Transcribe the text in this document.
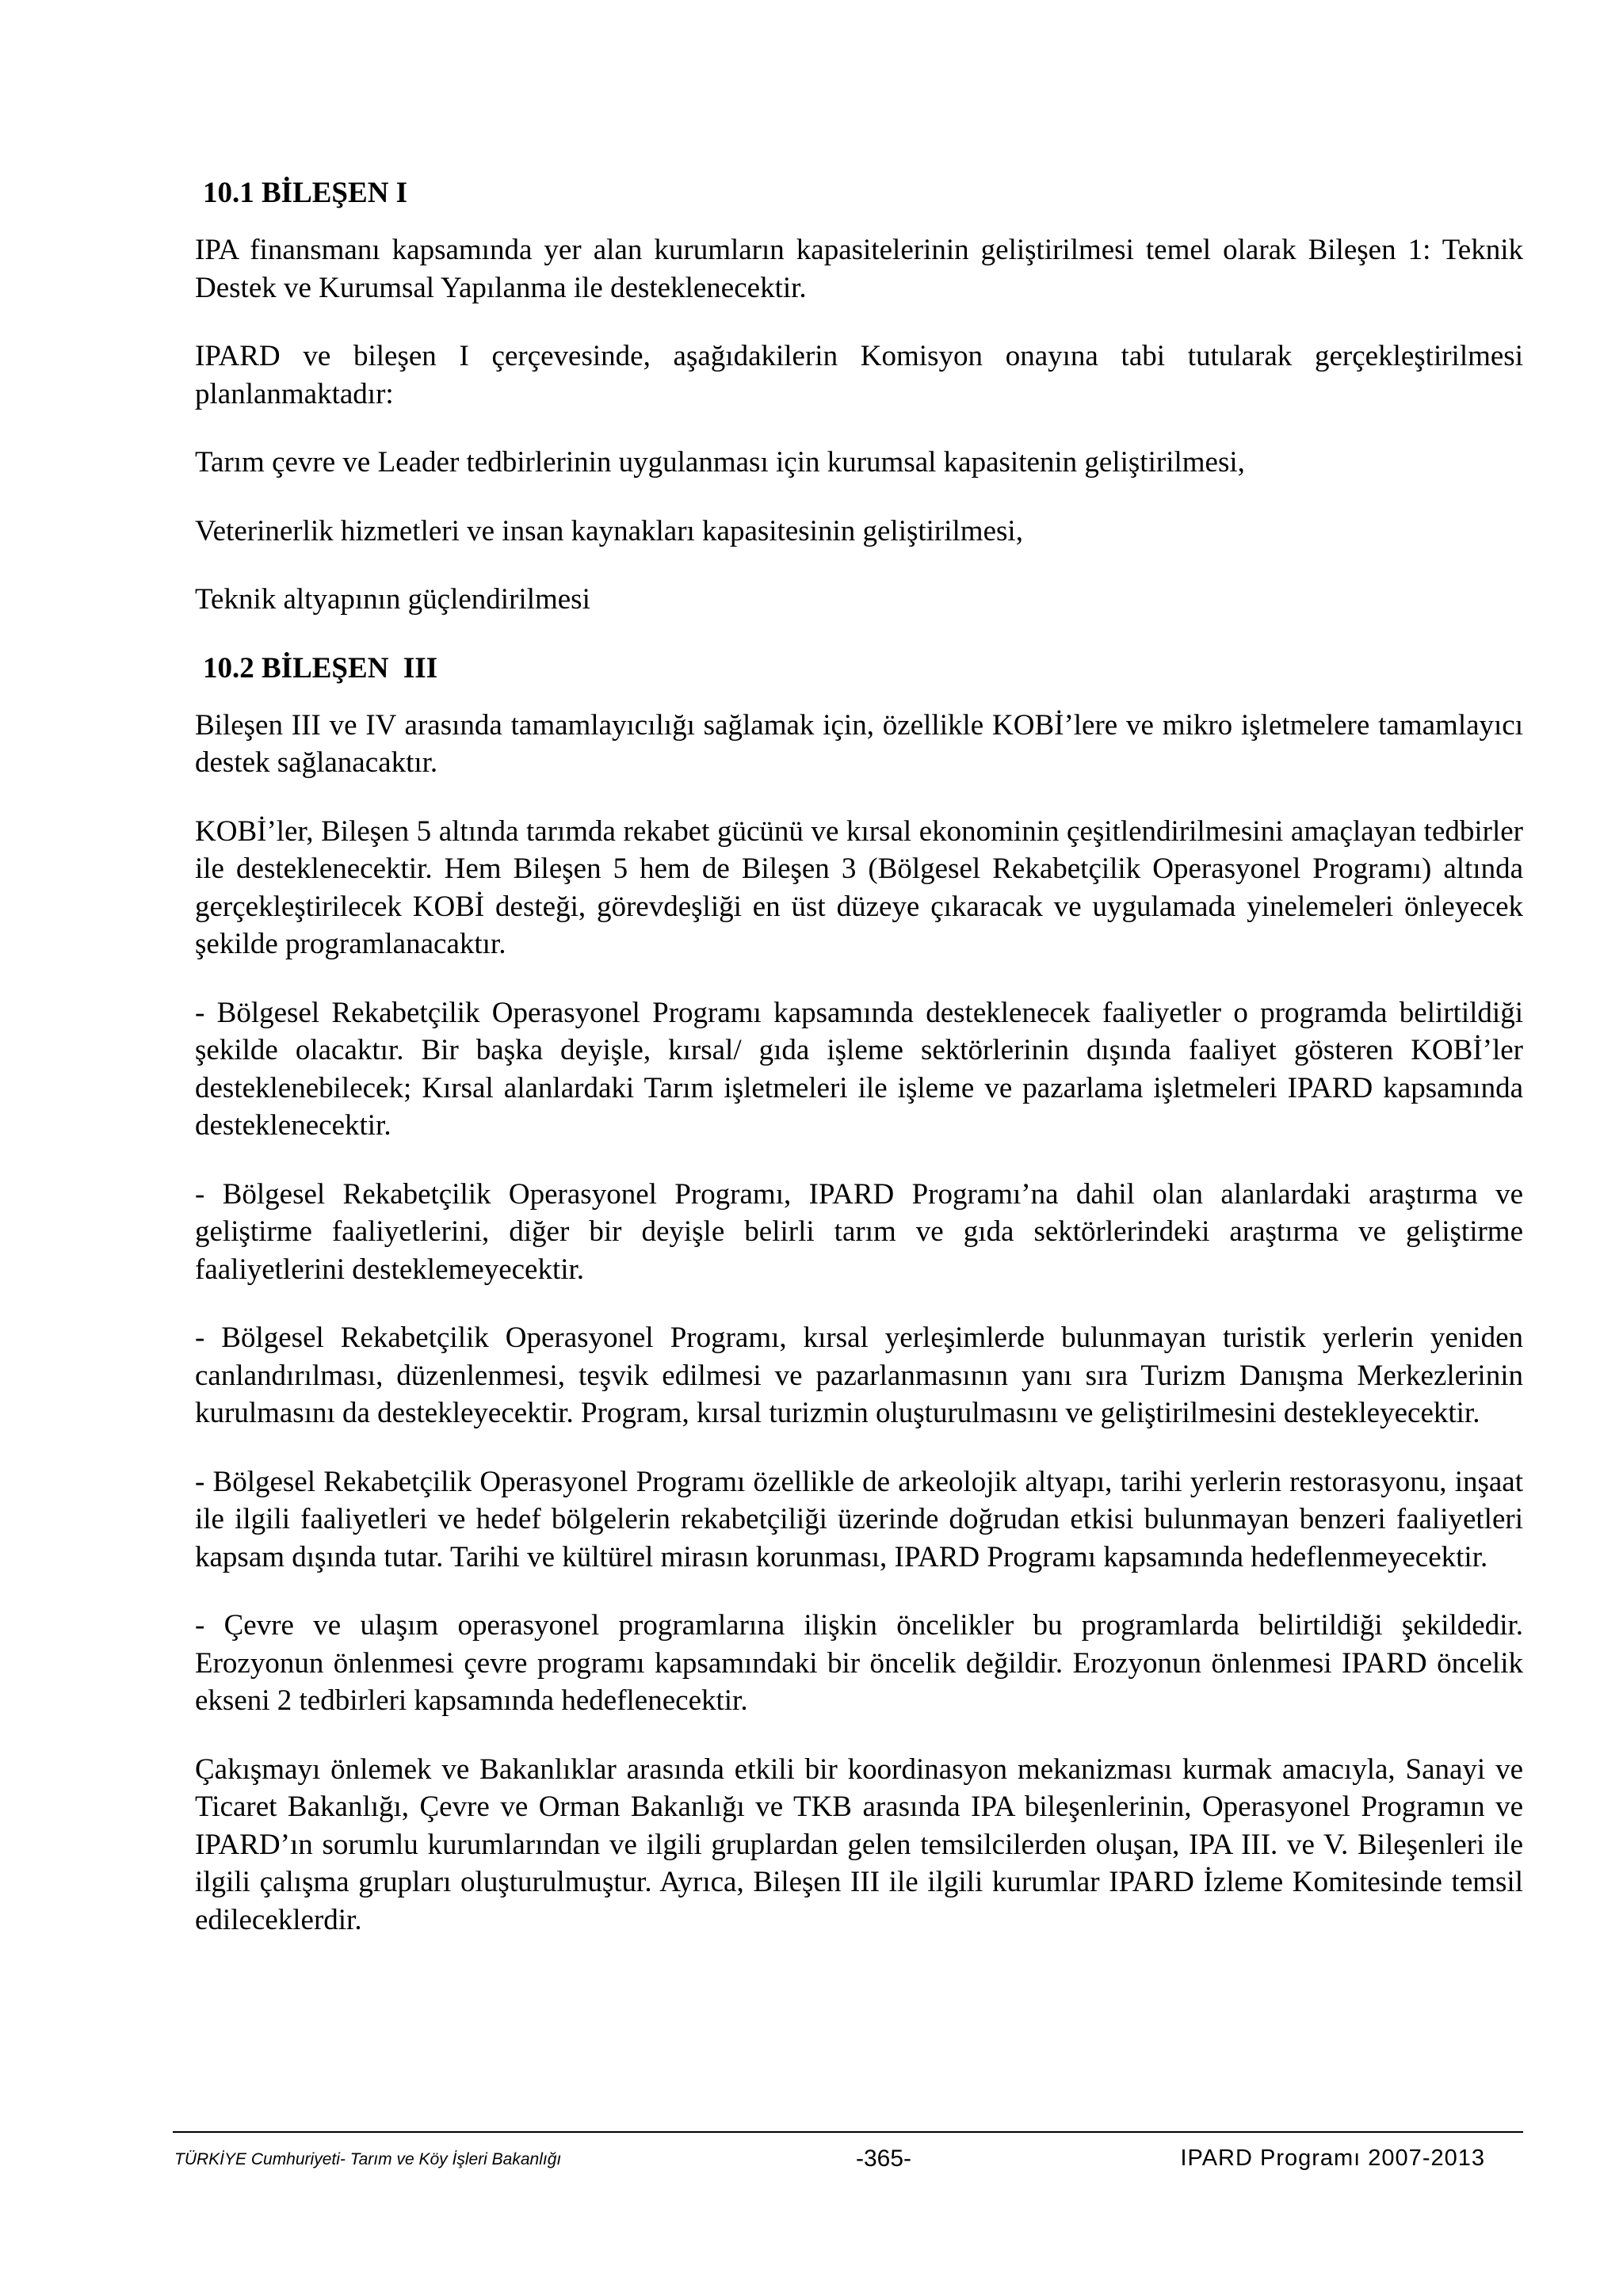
10.1 BİLEŞEN I

IPA finansmanı kapsamında yer alan kurumların kapasitelerinin geliştirilmesi temel olarak Bileşen 1: Teknik Destek ve Kurumsal Yapılanma ile desteklenecektir.

IPARD ve bileşen I çerçevesinde, aşağıdakilerin Komisyon onayına tabi tutularak gerçekleştirilmesi planlanmaktadır:

Tarım çevre ve Leader tedbirlerinin uygulanması için kurumsal kapasitenin geliştirilmesi,

Veterinerlik hizmetleri ve insan kaynakları kapasitesinin geliştirilmesi,

Teknik altyapının güçlendirilmesi

10.2 BİLEŞEN  III

Bileşen III ve IV arasında tamamlayıcılığı sağlamak için, özellikle KOBİ’lere ve mikro işletmelere tamamlayıcı destek sağlanacaktır.

KOBİ’ler, Bileşen 5 altında tarımda rekabet gücünü ve kırsal ekonominin çeşitlendirilmesini amaçlayan tedbirler ile desteklenecektir. Hem Bileşen 5 hem de Bileşen 3 (Bölgesel Rekabetçilik Operasyonel Programı) altında gerçekleştirilecek KOBİ desteği, görevdeşliği en üst düzeye çıkaracak ve uygulamada yinelemeleri önleyecek şekilde programlanacaktır.

- Bölgesel Rekabetçilik Operasyonel Programı kapsamında desteklenecek faaliyetler o programda belirtildiği şekilde olacaktır. Bir başka deyişle, kırsal/ gıda işleme sektörlerinin dışında faaliyet gösteren KOBİ’ler desteklenebilecek; Kırsal alanlardaki Tarım işletmeleri ile işleme ve pazarlama işletmeleri IPARD kapsamında desteklenecektir.

- Bölgesel Rekabetçilik Operasyonel Programı, IPARD Programı’na dahil olan alanlardaki araştırma ve geliştirme faaliyetlerini, diğer bir deyişle belirli tarım ve gıda sektörlerindeki araştırma ve geliştirme faaliyetlerini desteklemeyecektir.

- Bölgesel Rekabetçilik Operasyonel Programı, kırsal yerleşimlerde bulunmayan turistik yerlerin yeniden canlandırılması, düzenlenmesi, teşvik edilmesi ve pazarlanmasının yanı sıra Turizm Danışma Merkezlerinin kurulmasını da destekleyecektir. Program, kırsal turizmin oluşturulmasını ve geliştirilmesini destekleyecektir.

- Bölgesel Rekabetçilik Operasyonel Programı özellikle de arkeolojik altyapı, tarihi yerlerin restorasyonu, inşaat ile ilgili faaliyetleri ve hedef bölgelerin rekabetçiliği üzerinde doğrudan etkisi bulunmayan benzeri faaliyetleri kapsam dışında tutar. Tarihi ve kültürel mirasın korunması, IPARD Programı kapsamında hedeflenmeyecektir.

- Çevre ve ulaşım operasyonel programlarına ilişkin öncelikler bu programlarda belirtildiği şekildedir. Erozyonun önlenmesi çevre programı kapsamındaki bir öncelik değildir. Erozyonun önlenmesi IPARD öncelik ekseni 2 tedbirleri kapsamında hedeflenecektir.

Çakışmayı önlemek ve Bakanlıklar arasında etkili bir koordinasyon mekanizması kurmak amacıyla, Sanayi ve Ticaret Bakanlığı, Çevre ve Orman Bakanlığı ve TKB arasında IPA bileşenlerinin, Operasyonel Programın ve IPARD’ın sorumlu kurumlarından ve ilgili gruplardan gelen temsilcilerden oluşan, IPA III. ve V. Bileşenleri ile ilgili çalışma grupları oluşturulmuştur. Ayrıca, Bileşen III ile ilgili kurumlar IPARD İzleme Komitesinde temsil edileceklerdir.

TÜRKİYE Cumhuriyeti- Tarım ve Köy İşleri Bakanlığı	-365-	IPARD Programı 2007-2013
